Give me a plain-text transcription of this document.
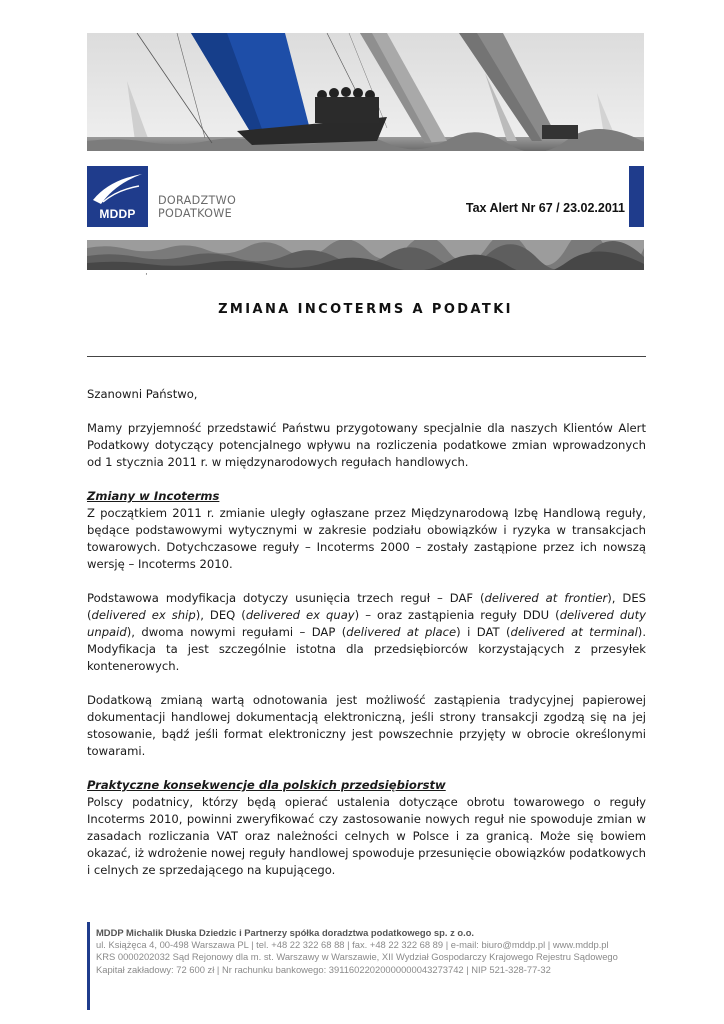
MDDP
DORADZTWO
PODATKOWE	Tax Alert Nr 67 / 23.02.2011
·
ZMIANA INCOTERMS A PODATKI

Szanowni Państwo,

Mamy przyjemność przedstawić Państwu przygotowany specjalnie dla naszych Klientów Alert Podatkowy dotyczący potencjalnego wpływu na rozliczenia podatkowe zmian wprowadzonych od 1 stycznia 2011 r. w międzynarodowych regułach handlowych.

Zmiany w Incoterms

Z początkiem 2011 r. zmianie uległy ogłaszane przez Międzynarodową Izbę Handlową reguły, będące podstawowymi wytycznymi w zakresie podziału obowiązków i ryzyka w transakcjach towarowych. Dotychczasowe reguły – Incoterms 2000 – zostały zastąpione przez ich nowszą wersję – Incoterms 2010.

Podstawowa modyfikacja dotyczy usunięcia trzech reguł – DAF (delivered at frontier), DES (delivered ex ship), DEQ (delivered ex quay) – oraz zastąpienia reguły DDU (delivered duty unpaid), dwoma nowymi regułami – DAP (delivered at place) i DAT (delivered at terminal). Modyfikacja ta jest szczególnie istotna dla przedsiębiorców korzystających z przesyłek kontenerowych.

Dodatkową zmianą wartą odnotowania jest możliwość zastąpienia tradycyjnej papierowej dokumentacji handlowej dokumentacją elektroniczną, jeśli strony transakcji zgodzą się na jej stosowanie, bądź jeśli format elektroniczny jest powszechnie przyjęty w obrocie określonymi towarami.

Praktyczne konsekwencje dla polskich przedsiębiorstw

Polscy podatnicy, którzy będą opierać ustalenia dotyczące obrotu towarowego o reguły Incoterms 2010, powinni zweryfikować czy zastosowanie nowych reguł nie spowoduje zmian w zasadach rozliczania VAT oraz należności celnych w Polsce i za granicą. Może się bowiem okazać, iż wdrożenie nowej reguły handlowej spowoduje przesunięcie obowiązków podatkowych i celnych ze sprzedającego na kupującego.

MDDP Michalik Dłuska Dziedzic i Partnerzy spółka doradztwa podatkowego sp. z o.o.
ul. Książęca 4, 00-498 Warszawa PL | tel. +48 22 322 68 88 | fax. +48 22 322 68 89 | e-mail: biuro@mddp.pl | www.mddp.pl
KRS 0000202032 Sąd Rejonowy dla m. st. Warszawy w Warszawie, XII Wydział Gospodarczy Krajowego Rejestru Sądowego
Kapitał zakładowy: 72 600 zł | Nr rachunku bankowego: 39116022020000000043273742 | NIP 521-328-77-32
